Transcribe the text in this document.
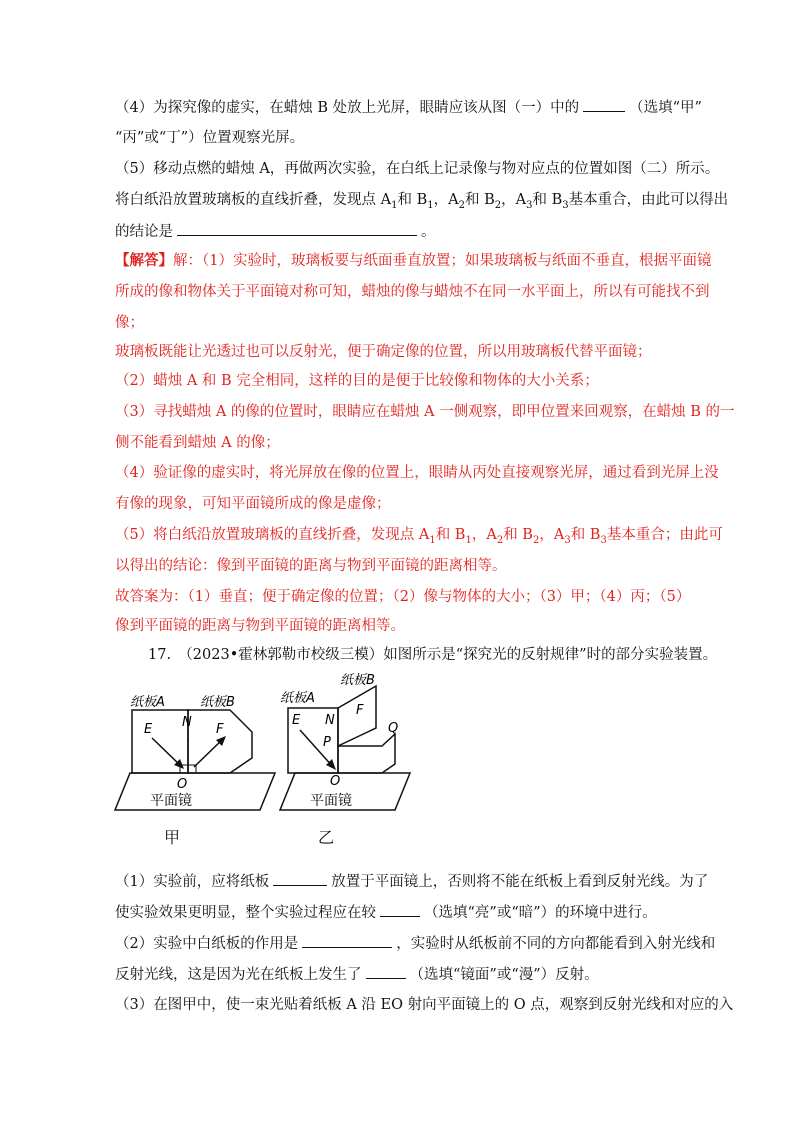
（4）为探究像的虚实，在蜡烛 B 处放上光屏，眼睛应该从图（一）中的	（选填“甲”
“丙”或“丁”）位置观察光屏。
（5）移动点燃的蜡烛 A，再做两次实验，在白纸上记录像与物对应点的位置如图（二）所示。
将白纸沿放置玻璃板的直线折叠，发现点 $A_1$和 $B_1$，$A_2$和 $B_2$，$A_3$和 $B_3$基本重合，由此可以得出
的结论是	。
【解答】解：（1）实验时，玻璃板要与纸面垂直放置；如果玻璃板与纸面不垂直，根据平面镜
所成的像和物体关于平面镜对称可知，蜡烛的像与蜡烛不在同一水平面上，所以有可能找不到
像；
玻璃板既能让光透过也可以反射光，便于确定像的位置，所以用玻璃板代替平面镜；
（2）蜡烛 A 和 B 完全相同，这样的目的是便于比较像和物体的大小关系；
（3）寻找蜡烛 A 的像的位置时，眼睛应在蜡烛 A 一侧观察，即甲位置来回观察，在蜡烛 B 的一
侧不能看到蜡烛 A 的像；
（4）验证像的虚实时，将光屏放在像的位置上，眼睛从丙处直接观察光屏，通过看到光屏上没
有像的现象，可知平面镜所成的像是虚像；
（5）将白纸沿放置玻璃板的直线折叠，发现点 $A_1$和 $B_1$，$A_2$和 $B_2$，$A_3$和 $B_3$基本重合；由此可
以得出的结论：像到平面镜的距离与物到平面镜的距离相等。
故答案为：（1）垂直；便于确定像的位置；（2）像与物体的大小；（3）甲；（4）丙；（5）
像到平面镜的距离与物到平面镜的距离相等。
17.　（2023•霍林郭勒市校级三模）如图所示是“探究光的反射规律”时的部分实验装置。
纸板A	纸板B
E N F
O
平面镜
甲
纸板A
纸板B
E N
F
P
Q
O
平面镜
乙
（1）实验前，应将纸板	放置于平面镜上，否则将不能在纸板上看到反射光线。为了
使实验效果更明显，整个实验过程应在较	（选填“亮”或“暗”）的环境中进行。
（2）实验中白纸板的作用是	，实验时从纸板前不同的方向都能看到入射光线和
反射光线，这是因为光在纸板上发生了	（选填“镜面”或“漫”）反射。
（3）在图甲中，使一束光贴着纸板 A 沿 EO 射向平面镜上的 O 点，观察到反射光线和对应的入
